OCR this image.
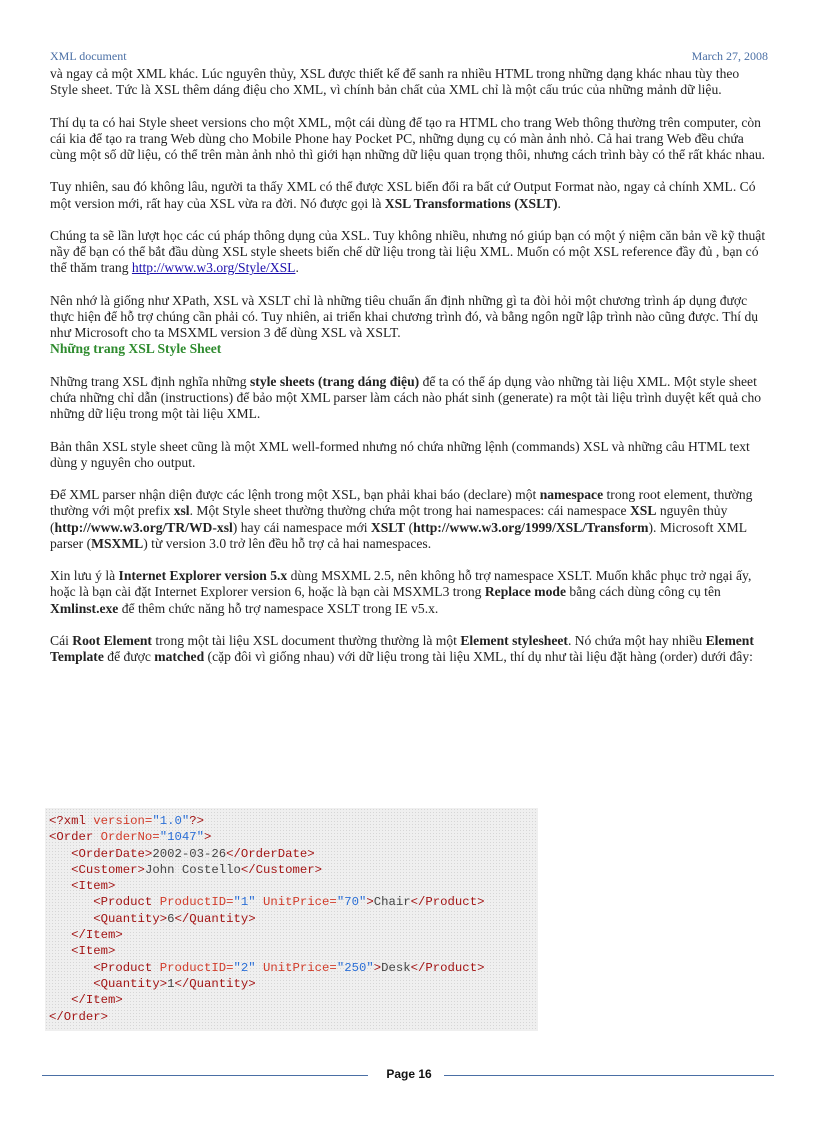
XML document	March 27, 2008

và ngay cả một XML khác. Lúc nguyên thủy, XSL được thiết kế để sanh ra nhiều HTML trong những dạng khác nhau tùy theo Style sheet. Tức là XSL thêm dáng điệu cho XML, vì chính bản chất của XML chỉ là một cấu trúc của những mảnh dữ liệu.

Thí dụ ta có hai Style sheet versions cho một XML, một cái dùng để tạo ra HTML cho trang Web thông thường trên computer, còn cái kia để tạo ra trang Web dùng cho Mobile Phone hay Pocket PC, những dụng cụ có màn ảnh nhỏ. Cả hai trang Web đều chứa cùng một số dữ liệu, có thể trên màn ảnh nhỏ thì giới hạn những dữ liệu quan trọng thôi, nhưng cách trình bày có thể rất khác nhau.

Tuy nhiên, sau đó không lâu, người ta thấy XML có thể được XSL biến đổi ra bất cứ Output Format nào, ngay cả chính XML. Có một version mới, rất hay của XSL vừa ra đời. Nó được gọi là XSL Transformations (XSLT).

Chúng ta sẽ lần lượt học các cú pháp thông dụng của XSL. Tuy không nhiều, nhưng nó giúp bạn có một ý niệm căn bản về kỹ thuật nầy để bạn có thể bắt đầu dùng XSL style sheets biến chế dữ liệu trong tài liệu XML. Muốn có một XSL reference đầy đủ , bạn có thể thăm trang http://www.w3.org/Style/XSL.

Nên nhớ là giống như XPath, XSL và XSLT chỉ là những tiêu chuẩn ấn định những gì ta đòi hỏi một chương trình áp dụng được thực hiện để hỗ trợ chúng cần phải có. Tuy nhiên, ai triển khai chương trình đó, và bằng ngôn ngữ lập trình nào cũng được. Thí dụ như Microsoft cho ta MSXML version 3 để dùng XSL và XSLT.

Những trang XSL Style Sheet

Những trang XSL định nghĩa những style sheets (trang dáng điệu) để ta có thể áp dụng vào những tài liệu XML. Một style sheet chứa những chỉ dẫn (instructions) để bảo một XML parser làm cách nào phát sinh (generate) ra một tài liệu trình duyệt kết quả cho những dữ liệu trong một tài liệu XML.

Bản thân XSL style sheet cũng là một XML well-formed nhưng nó chứa những lệnh (commands) XSL và những câu HTML text dùng y nguyên cho output.

Để XML parser nhận diện được các lệnh trong một XSL, bạn phải khai báo (declare) một namespace trong root element, thường thường với một prefix xsl. Một Style sheet thường thường chứa một trong hai namespaces: cái namespace XSL nguyên thủy (http://www.w3.org/TR/WD-xsl) hay cái namespace mới XSLT (http://www.w3.org/1999/XSL/Transform). Microsoft XML parser (MSXML) từ version 3.0 trở lên đều hỗ trợ cả hai namespaces.

Xin lưu ý là Internet Explorer version 5.x dùng MSXML 2.5, nên không hỗ trợ namespace XSLT. Muốn khắc phục trở ngại ấy, hoặc là bạn cài đặt Internet Explorer version 6, hoặc là bạn cài MSXML3 trong Replace mode bằng cách dùng công cụ tên Xmlinst.exe để thêm chức năng hỗ trợ namespace XSLT trong IE v5.x.

Cái Root Element trong một tài liệu XSL document thường thường là một Element stylesheet. Nó chứa một hay nhiều Element Template để được matched (cặp đôi vì giống nhau) với dữ liệu trong tài liệu XML, thí dụ như tài liệu đặt hàng (order) dưới đây:

<?xml version="1.0"?>
<Order OrderNo="1047">
<OrderDate>2002-03-26</OrderDate>
<Customer>John Costello</Customer>
<Item>
<Product ProductID="1" UnitPrice="70">Chair</Product>
<Quantity>6</Quantity>
</Item>
<Item>
<Product ProductID="2" UnitPrice="250">Desk</Product>
<Quantity>1</Quantity>
</Item>
</Order>
Page 16
